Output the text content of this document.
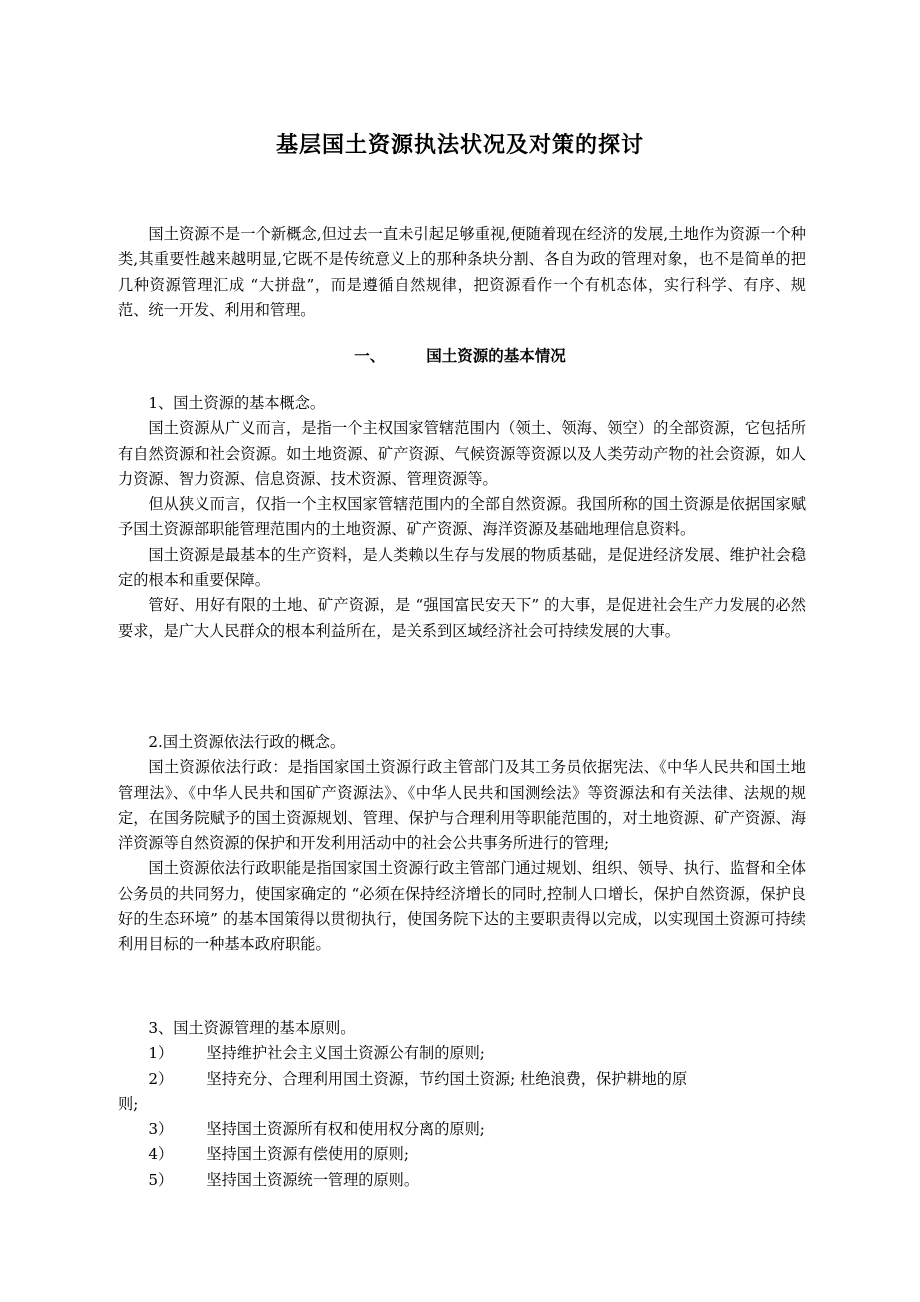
基层国土资源执法状况及对策的探讨

国土资源不是一个新概念,但过去一直未引起足够重视,便随着现在经济的发展,土地作为资源一个种类,其重要性越来越明显,它既不是传统意义上的那种条块分割、各自为政的管理对象，也不是简单的把几种资源管理汇成 “大拼盘”，而是遵循自然规律，把资源看作一个有机态体，实行科学、有序、规范、统一开发、利用和管理。

一、	国土资源的基本情况

1、国土资源的基本概念。

国土资源从广义而言，是指一个主权国家管辖范围内（领土、领海、领空）的全部资源，它包括所有自然资源和社会资源。如土地资源、矿产资源、气候资源等资源以及人类劳动产物的社会资源，如人力资源、智力资源、信息资源、技术资源、管理资源等。

但从狭义而言，仅指一个主权国家管辖范围内的全部自然资源。我国所称的国土资源是依据国家赋予国土资源部职能管理范围内的土地资源、矿产资源、海洋资源及基础地理信息资料。

国土资源是最基本的生产资料，是人类赖以生存与发展的物质基础，是促进经济发展、维护社会稳定的根本和重要保障。

管好、用好有限的土地、矿产资源，是 “强国富民安天下” 的大事，是促进社会生产力发展的必然要求，是广大人民群众的根本利益所在，是关系到区域经济社会可持续发展的大事。

2.国土资源依法行政的概念。

国土资源依法行政：是指国家国土资源行政主管部门及其工务员依据宪法、《中华人民共和国土地管理法》、《中华人民共和国矿产资源法》、《中华人民共和国测绘法》等资源法和有关法律、法规的规定，在国务院赋予的国土资源规划、管理、保护与合理利用等职能范围的，对土地资源、矿产资源、海洋资源等自然资源的保护和开发利用活动中的社会公共事务所进行的管理;

国土资源依法行政职能是指国家国土资源行政主管部门通过规划、组织、领导、执行、监督和全体公务员的共同努力，使国家确定的 “必须在保持经济增长的同时,控制人口增长，保护自然资源，保护良好的生态环境” 的基本国策得以贯彻执行，使国务院下达的主要职责得以完成，以实现国土资源可持续利用目标的一种基本政府职能。

3、国土资源管理的基本原则。

1） 坚持维护社会主义国土资源公有制的原则;

2） 坚持充分、合理利用国土资源，节约国土资源; 杜绝浪费，保护耕地的原

则;

3） 坚持国土资源所有权和使用权分离的原则;

4） 坚持国土资源有偿使用的原则;

5） 坚持国土资源统一管理的原则。
